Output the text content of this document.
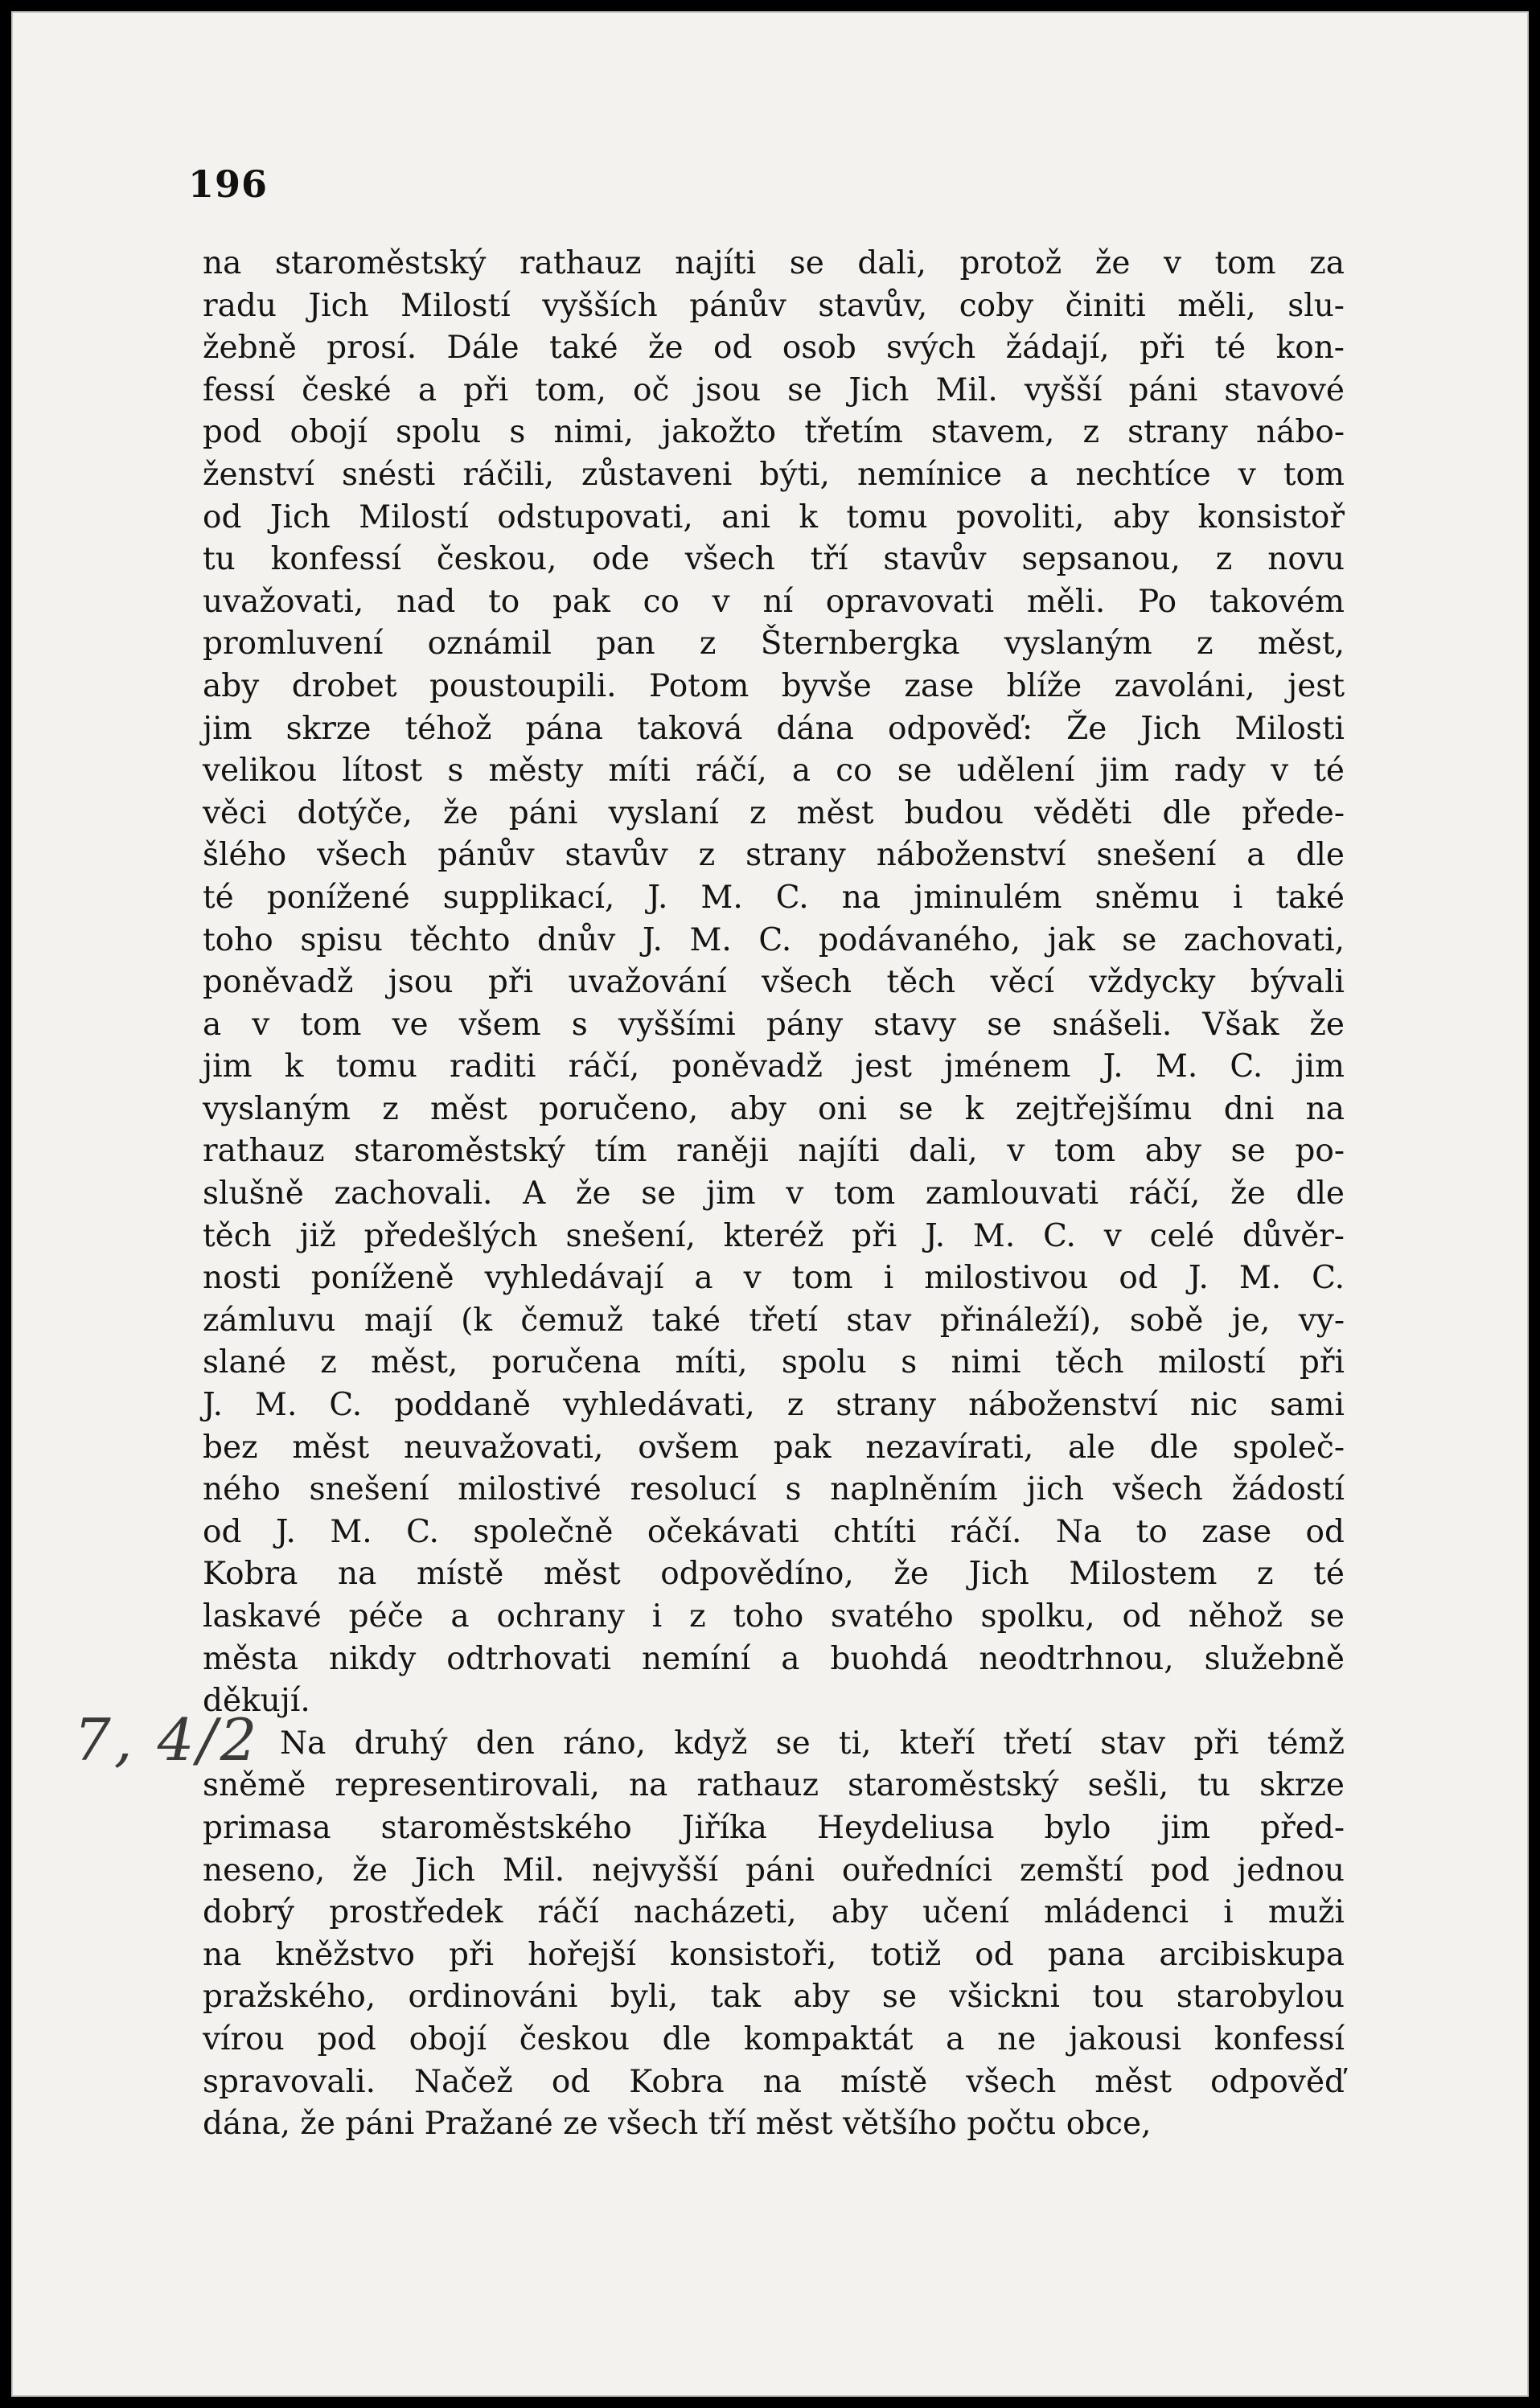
196
7, 4/2
na staroměstský rathauz najíti se dali, protož že v tom za
radu Jich Milostí vyšších pánův stavův, coby činiti měli, slu-
žebně prosí. Dále také že od osob svých žádají, při té kon-
fessí české a při tom, oč jsou se Jich Mil. vyšší páni stavové
pod obojí spolu s nimi, jakožto třetím stavem, z strany nábo-
ženství snésti ráčili, zůstaveni býti, nemínice a nechtíce v tom
od Jich Milostí odstupovati, ani k tomu povoliti, aby konsistoř
tu konfessí českou, ode všech tří stavův sepsanou, z novu
uvažovati, nad to pak co v ní opravovati měli. Po takovém
promluvení oznámil pan z Šternbergka vyslaným z měst,
aby drobet poustoupili. Potom byvše zase blíže zavoláni, jest
jim skrze téhož pána taková dána odpověď: Že Jich Milosti
velikou lítost s městy míti ráčí, a co se udělení jim rady v té
věci dotýče, že páni vyslaní z měst budou věděti dle přede-
šlého všech pánův stavův z strany náboženství snešení a dle
té ponížené supplikací, J. M. C. na jminulém sněmu i také
toho spisu těchto dnův J. M. C. podávaného, jak se zachovati,
poněvadž jsou při uvažování všech těch věcí vždycky bývali
a v tom ve všem s vyššími pány stavy se snášeli. Však že
jim k tomu raditi ráčí, poněvadž jest jménem J. M. C. jim
vyslaným z měst poručeno, aby oni se k zejtřejšímu dni na
rathauz staroměstský tím raněji najíti dali, v tom aby se po-
slušně zachovali. A že se jim v tom zamlouvati ráčí, že dle
těch již předešlých snešení, kteréž při J. M. C. v celé důvěr-
nosti poníženě vyhledávají a v tom i milostivou od J. M. C.
zámluvu mají (k čemuž také třetí stav přináleží), sobě je, vy-
slané z měst, poručena míti, spolu s nimi těch milostí při
J. M. C. poddaně vyhledávati, z strany náboženství nic sami
bez měst neuvažovati, ovšem pak nezavírati, ale dle společ-
ného snešení milostivé resolucí s naplněním jich všech žádostí
od J. M. C. společně očekávati chtíti ráčí. Na to zase od
Kobra na místě měst odpovědíno, že Jich Milostem z té
laskavé péče a ochrany i z toho svatého spolku, od něhož se
města nikdy odtrhovati nemíní a buohdá neodtrhnou, služebně
děkují.
Na druhý den ráno, když se ti, kteří třetí stav při témž
sněmě representirovali, na rathauz staroměstský sešli, tu skrze
primasa staroměstského Jiříka Heydeliusa bylo jim před-
neseno, že Jich Mil. nejvyšší páni ouředníci zemští pod jednou
dobrý prostředek ráčí nacházeti, aby učení mládenci i muži
na kněžstvo při hořejší konsistoři, totiž od pana arcibiskupa
pražského, ordinováni byli, tak aby se všickni tou starobylou
vírou pod obojí českou dle kompaktát a ne jakousi konfessí
spravovali. Načež od Kobra na místě všech měst odpověď
dána, že páni Pražané ze všech tří měst většího počtu obce,
